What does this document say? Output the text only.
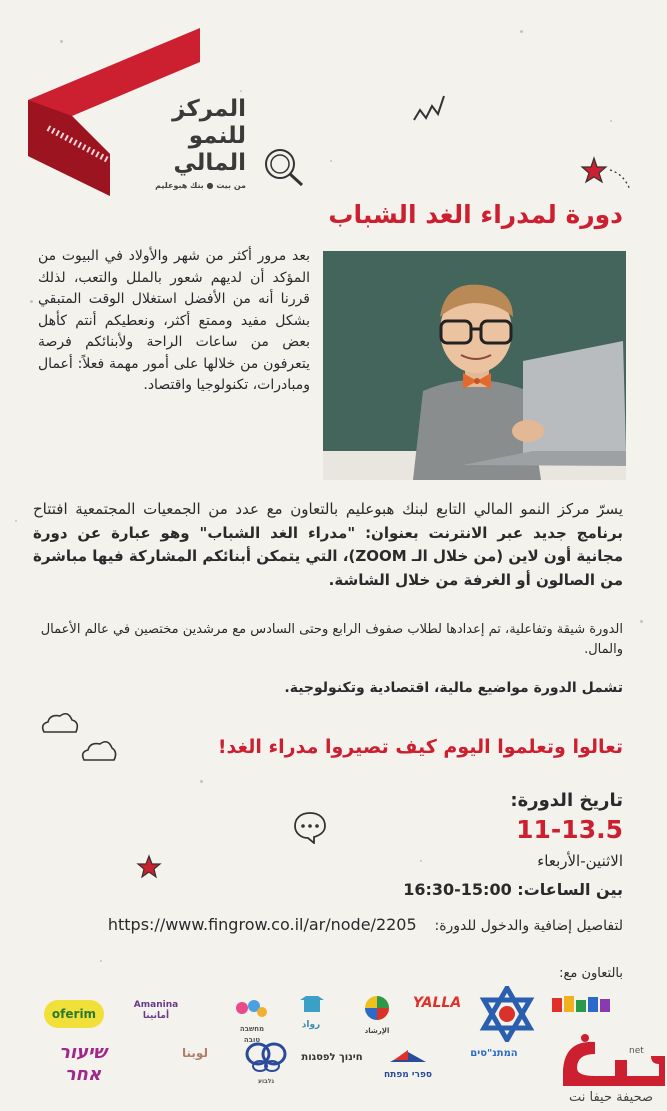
المركز
للنمو
المالي
من بيت ● بنك هبوعليم
دورة لمدراء الغد الشباب
بعد مرور أكثر من شهر والأولاد في البيوت من المؤكد أن لديهم شعور بالملل والتعب، لذلك قررنا أنه من الأفضل استغلال الوقت المتبقي بشكل مفيد وممتع أكثر، ونعطيكم أنتم كأهل بعض من ساعات الراحة ولأبنائكم فرصة يتعرفون من خلالها على أمور مهمة فعلاً: أعمال ومبادرات، تكنولوجيا واقتصاد.
يسرّ مركز النمو المالي التابع لبنك هبوعليم بالتعاون مع عدد من الجمعيات المجتمعية افتتاح برنامج جديد عبر الانترنت بعنوان: "مدراء الغد الشباب" وهو عبارة عن دورة مجانية أون لاين (من خلال الـ ZOOM)، التي يتمكن أبنائكم المشاركة فيها مباشرة من الصالون أو الغرفة من خلال الشاشة.
الدورة شيقة وتفاعلية، تم إعدادها لطلاب صفوف الرابع وحتى السادس مع مرشدين مختصين في عالم الأعمال والمال.
تشمل الدورة مواضيع مالية، اقتصادية وتكنولوجية.
تعالوا وتعلموا اليوم كيف تصيروا مدراء الغد!
تاريخ الدورة:
11-13.5
الاثنين-الأربعاء
بين الساعات: 15:00-16:30
لتفاصيل إضافية والدخول للدورة:    https://www.fingrow.co.il/ar/node/2205
بالتعاون مع:
oferim
Amanina أمانينا
מחשבה טובה
رواد
الإرشاد
YALLA
שיעור אחר
لوبنا
גלבוע
חינוך לפסגות
ספרי מפתח
המתנ"סים	net
صحيفة حيفا نت
